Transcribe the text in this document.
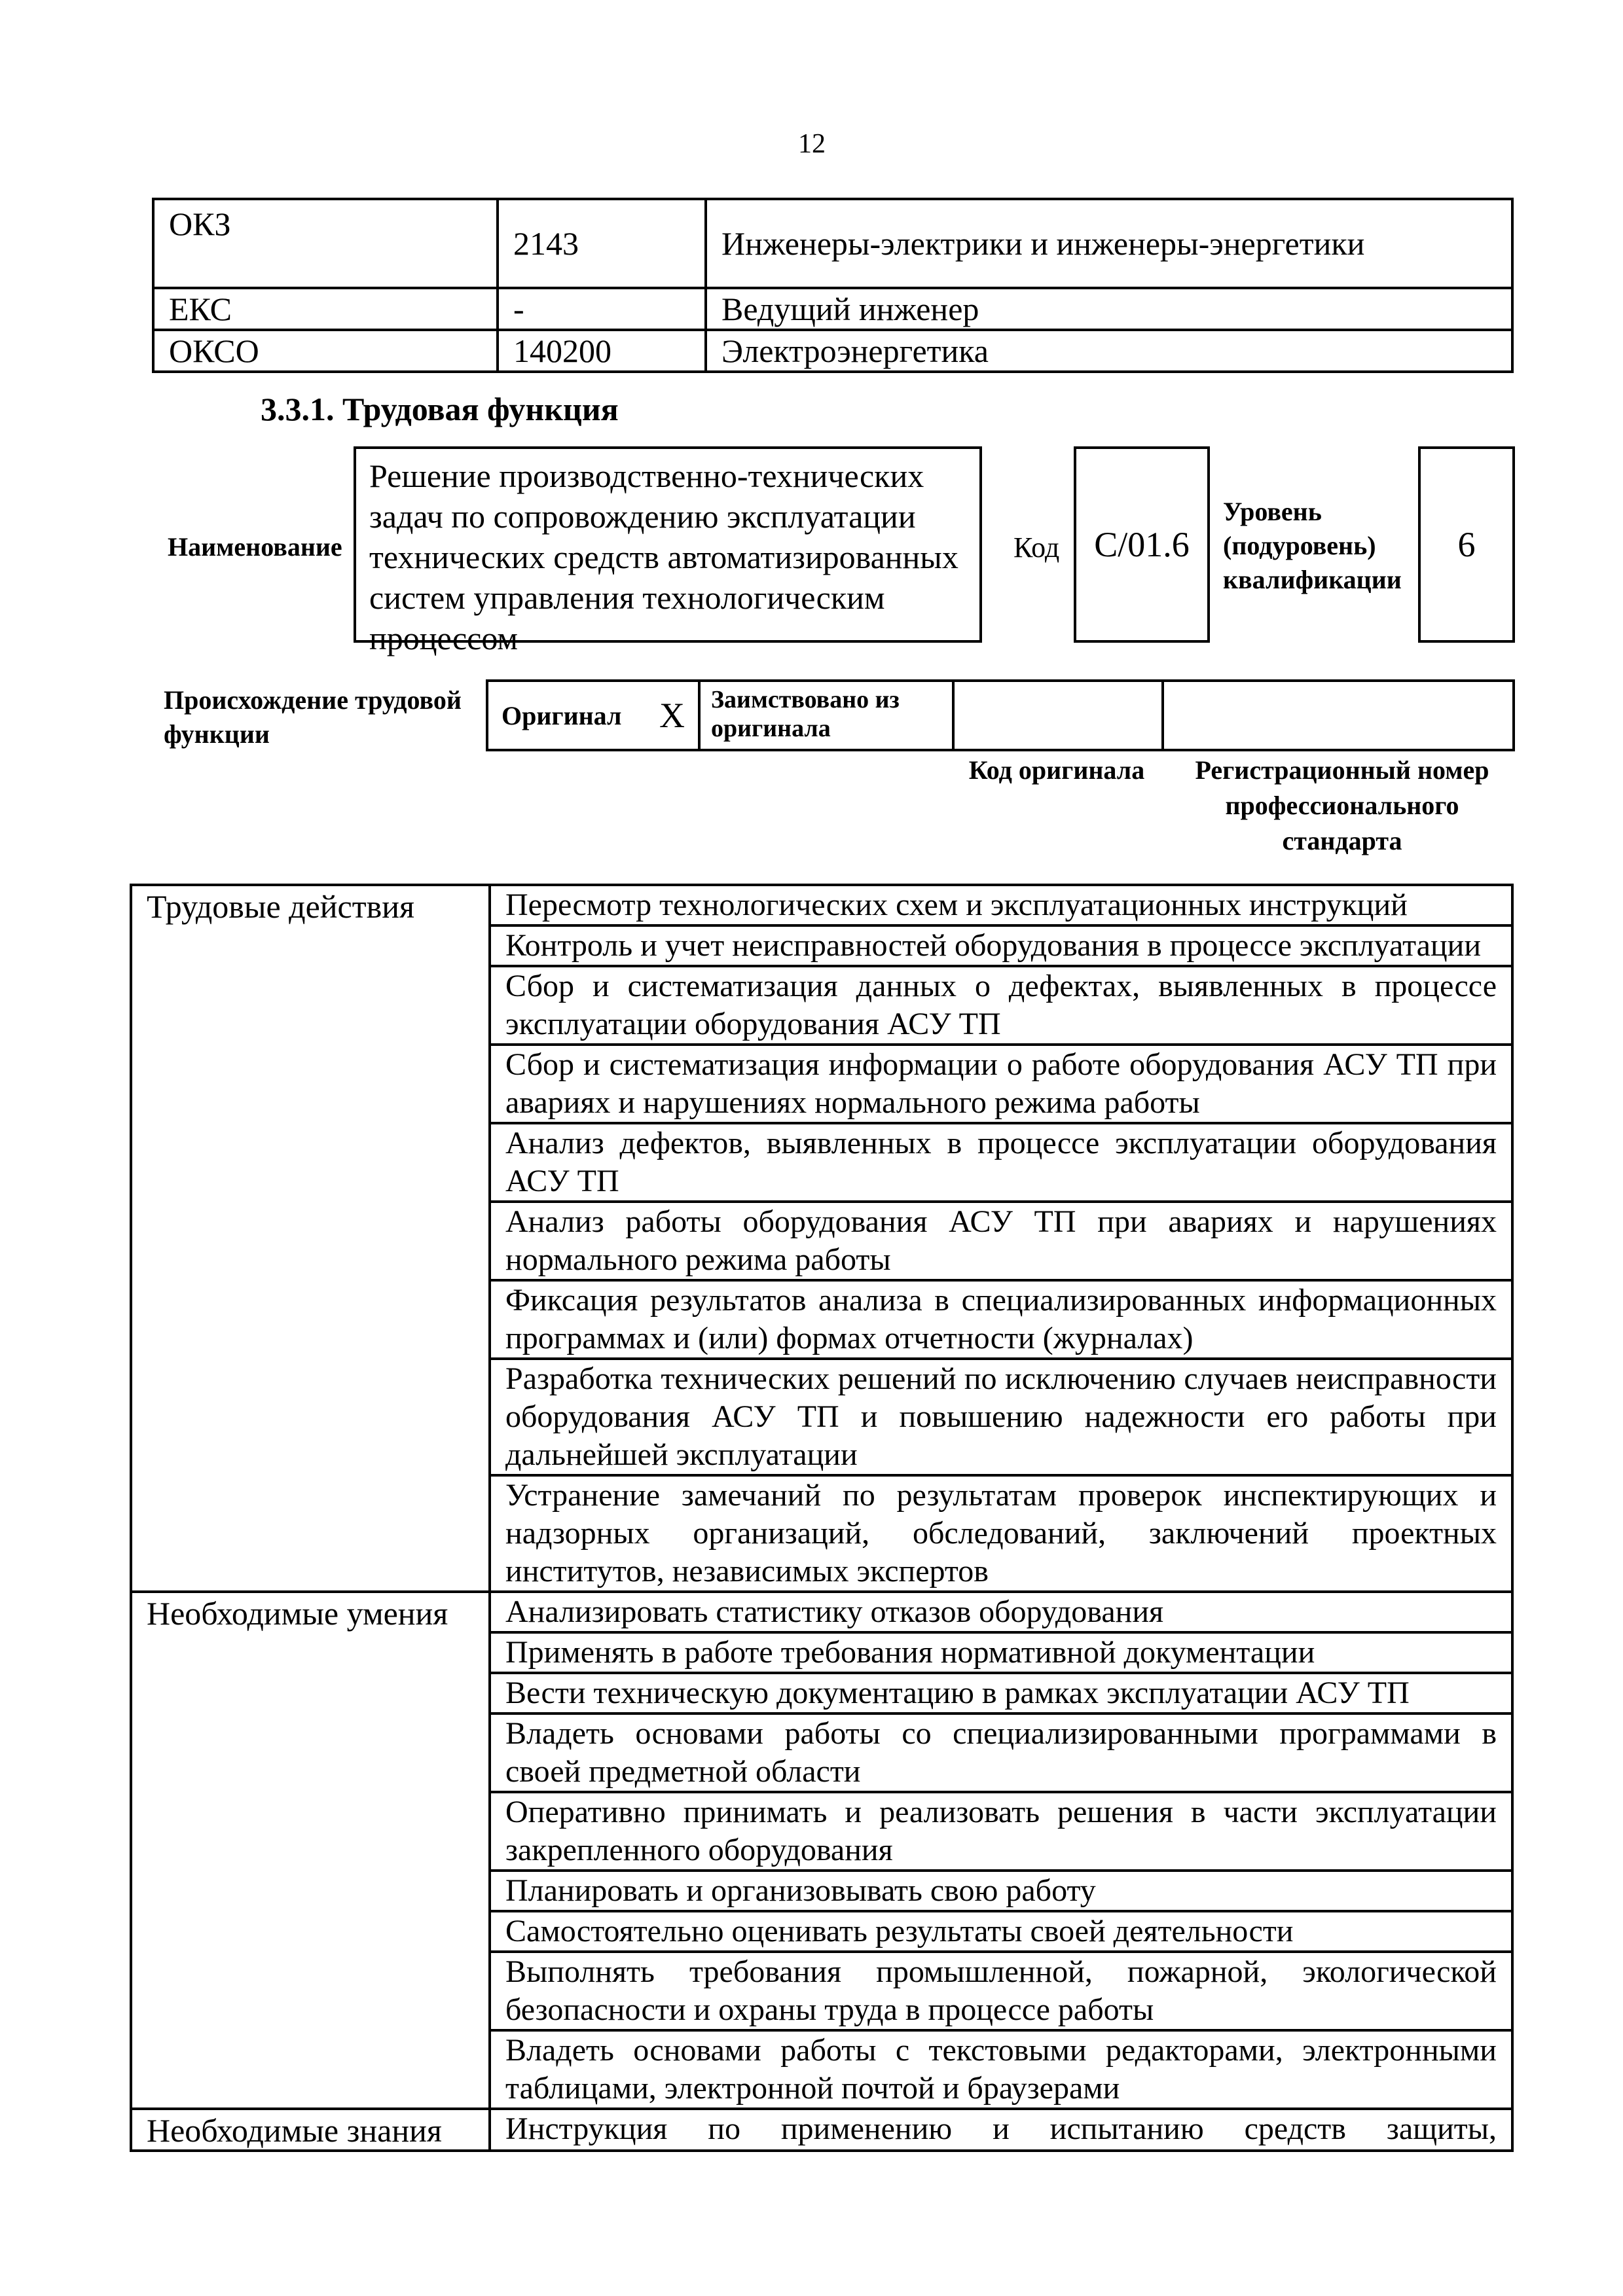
12
ОКЗ	2143	Инженеры-электрики и инженеры-энергетики
ЕКС	-	Ведущий инженер
ОКСО	140200	Электроэнергетика
3.3.1. Трудовая функция
Наименование
Решение производственно-технических задач по сопровождению эксплуатации технических средств автоматизированных систем управления технологическим процессом
Код C/01.6
Уровень (подуровень) квалификации
6
Происхождение трудовой функции
Оригинал X	Заимствовано из оригинала
Код оригинала	Регистрационный номер профессионального стандарта
Трудовые действия	Пересмотр технологических схем и эксплуатационных инструкций
	Контроль и учет неисправностей оборудования в процессе эксплуатации
	Сбор и систематизация данных о дефектах, выявленных в процессе эксплуатации оборудования АСУ ТП
	Сбор и систематизация информации о работе оборудования АСУ ТП при авариях и нарушениях нормального режима работы
	Анализ дефектов, выявленных в процессе эксплуатации оборудования АСУ ТП
	Анализ работы оборудования АСУ ТП при авариях и нарушениях нормального режима работы
	Фиксация результатов анализа в специализированных информационных программах и (или) формах отчетности (журналах)
	Разработка технических решений по исключению случаев неисправности оборудования АСУ ТП и повышению надежности его работы при дальнейшей эксплуатации
	Устранение замечаний по результатам проверок инспектирующих и надзорных организаций, обследований, заключений проектных институтов, независимых экспертов
Необходимые умения	Анализировать статистику отказов оборудования
	Применять в работе требования нормативной документации
	Вести техническую документацию в рамках эксплуатации АСУ ТП
	Владеть основами работы со специализированными программами в своей предметной области
	Оперативно принимать и реализовать решения в части эксплуатации закрепленного оборудования
	Планировать и организовывать свою работу
	Самостоятельно оценивать результаты своей деятельности
	Выполнять требования промышленной, пожарной, экологической безопасности и охраны труда в процессе работы
	Владеть основами работы с текстовыми редакторами, электронными таблицами, электронной почтой и браузерами
Необходимые знания	Инструкция по применению и испытанию средств защиты,
